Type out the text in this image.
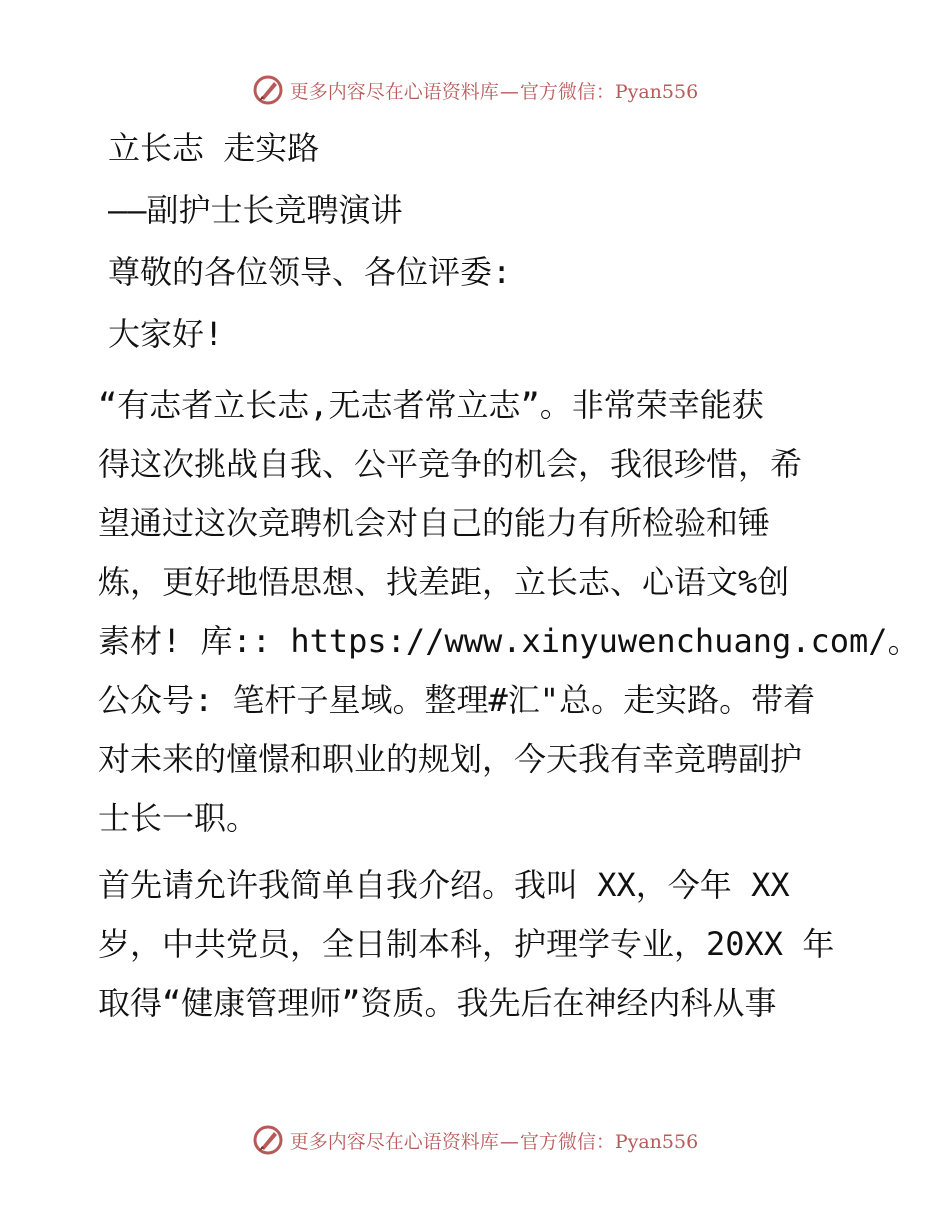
更多内容尽在心语资料库—官方微信：Pyan556
立长志 走实路
——副护士长竞聘演讲
尊敬的各位领导、各位评委:
大家好!
“有志者立长志,无志者常立志”。非常荣幸能获
得这次挑战自我、公平竞争的机会，我很珍惜，希
望通过这次竞聘机会对自己的能力有所检验和锤
炼，更好地悟思想、找差距，立长志、心语文%创
素材! 库:: https://www.xinyuwenchuang.com/。
公众号: 笔杆子星域。整理#汇"总。走实路。带着
对未来的憧憬和职业的规划，今天我有幸竞聘副护
士长一职。
首先请允许我简单自我介绍。我叫 XX，今年 XX
岁，中共党员，全日制本科，护理学专业，20XX 年
取得“健康管理师”资质。我先后在神经内科从事
更多内容尽在心语资料库—官方微信：Pyan556
